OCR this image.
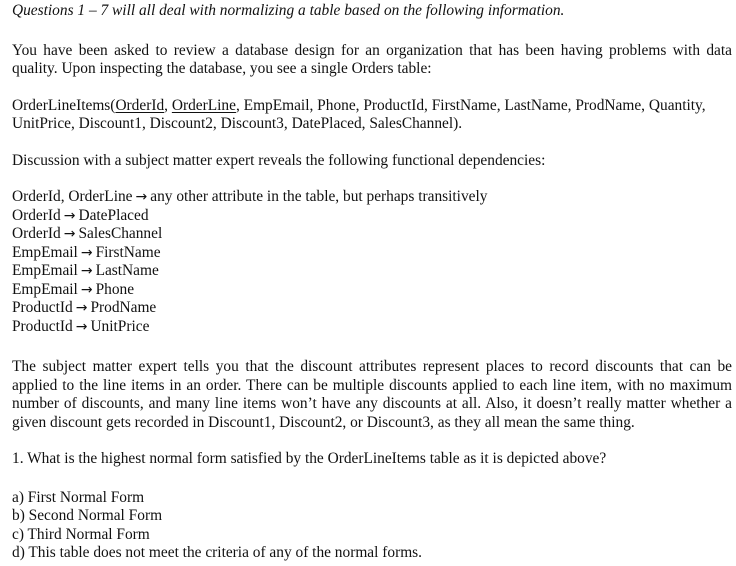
Questions 1 – 7 will all deal with normalizing a table based on the following information.

You have been asked to review a database design for an organization that has been having problems with data quality. Upon inspecting the database, you see a single Orders table:

OrderLineItems(OrderId, OrderLine, EmpEmail, Phone, ProductId, FirstName, LastName, ProdName, Quantity, UnitPrice, Discount1, Discount2, Discount3, DatePlaced, SalesChannel).

Discussion with a subject matter expert reveals the following functional dependencies:

OrderId, OrderLine → any other attribute in the table, but perhaps transitively
OrderId → DatePlaced
OrderId → SalesChannel
EmpEmail → FirstName
EmpEmail → LastName
EmpEmail → Phone
ProductId → ProdName
ProductId → UnitPrice

The subject matter expert tells you that the discount attributes represent places to record discounts that can be applied to the line items in an order. There can be multiple discounts applied to each line item, with no maximum number of discounts, and many line items won’t have any discounts at all. Also, it doesn’t really matter whether a given discount gets recorded in Discount1, Discount2, or Discount3, as they all mean the same thing.

1. What is the highest normal form satisfied by the OrderLineItems table as it is depicted above?

a) First Normal Form
b) Second Normal Form
c) Third Normal Form
d) This table does not meet the criteria of any of the normal forms.
